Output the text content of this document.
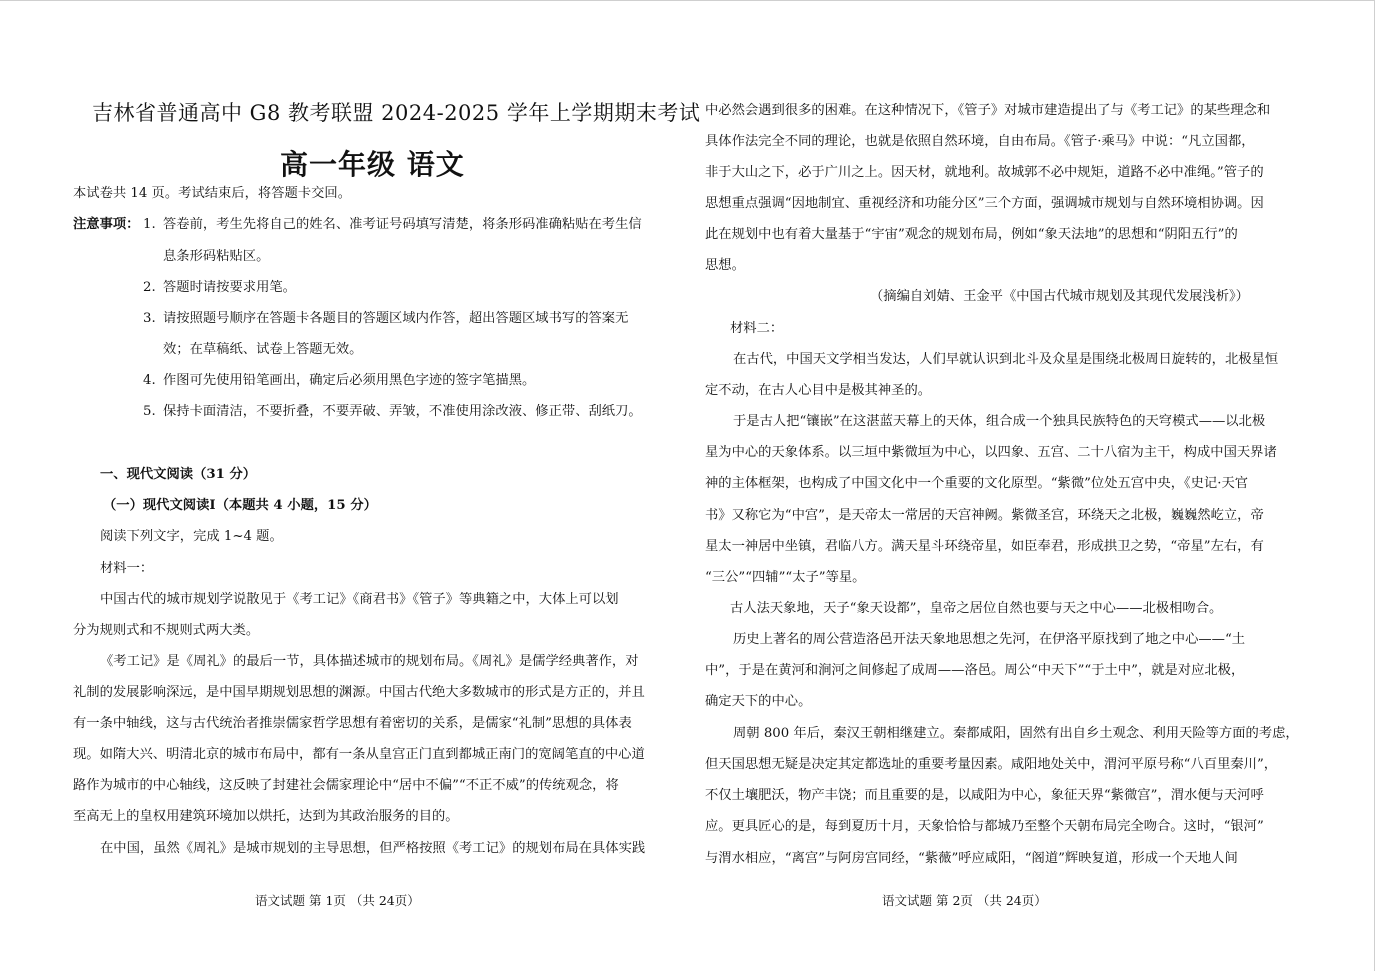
吉林省普通高中 G8 教考联盟 2024-2025 学年上学期期末考试
高一年级 语文
本试卷共 14 页。考试结束后，将答题卡交回。
注意事项： 1. 答卷前，考生先将自己的姓名、准考证号码填写清楚，将条形码准确粘贴在考生信
息条形码粘贴区。
2. 答题时请按要求用笔。
3. 请按照题号顺序在答题卡各题目的答题区域内作答，超出答题区域书写的答案无
效；在草稿纸、试卷上答题无效。
4. 作图可先使用铅笔画出，确定后必须用黑色字迹的签字笔描黑。
5. 保持卡面清洁，不要折叠，不要弄破、弄皱，不准使用涂改液、修正带、刮纸刀。
一、现代文阅读（31 分）
（一）现代文阅读Ⅰ（本题共 4 小题，15 分）
阅读下列文字，完成 1~4 题。
材料一：
中国古代的城市规划学说散见于《考工记》《商君书》《管子》等典籍之中，大体上可以划
分为规则式和不规则式两大类。
《考工记》是《周礼》的最后一节，具体描述城市的规划布局。《周礼》是儒学经典著作，对
礼制的发展影响深远，是中国早期规划思想的渊源。中国古代绝大多数城市的形式是方正的，并且
有一条中轴线，这与古代统治者推崇儒家哲学思想有着密切的关系，是儒家“礼制”思想的具体表
现。如隋大兴、明清北京的城市布局中，都有一条从皇宫正门直到都城正南门的宽阔笔直的中心道
路作为城市的中心轴线，这反映了封建社会儒家理论中“居中不偏”“不正不威”的传统观念，将
至高无上的皇权用建筑环境加以烘托，达到为其政治服务的目的。
在中国，虽然《周礼》是城市规划的主导思想，但严格按照《考工记》的规划布局在具体实践
语文试题 第 1页 （共 24页）
中必然会遇到很多的困难。在这种情况下，《管子》对城市建造提出了与《考工记》的某些理念和
具体作法完全不同的理论，也就是依照自然环境，自由布局。《管子·乘马》中说：“凡立国都，
非于大山之下，必于广川之上。因天材，就地利。故城郭不必中规矩，道路不必中准绳。”管子的
思想重点强调“因地制宜、重视经济和功能分区”三个方面，强调城市规划与自然环境相协调。因
此在规划中也有着大量基于“宇宙”观念的规划布局，例如“象天法地”的思想和“阴阳五行”的
思想。
（摘编自刘婧、王金平《中国古代城市规划及其现代发展浅析》）
材料二：
在古代，中国天文学相当发达，人们早就认识到北斗及众星是围绕北极周日旋转的，北极星恒
定不动，在古人心目中是极其神圣的。
于是古人把“镶嵌”在这湛蓝天幕上的天体，组合成一个独具民族特色的天穹模式——以北极
星为中心的天象体系。以三垣中紫微垣为中心，以四象、五宫、二十八宿为主干，构成中国天界诸
神的主体框架，也构成了中国文化中一个重要的文化原型。“紫微”位处五宫中央，《史记·天官
书》又称它为“中宫”，是天帝太一常居的天宫神阙。紫微圣宫，环绕天之北极，巍巍然屹立，帝
星太一神居中坐镇，君临八方。满天星斗环绕帝星，如臣奉君，形成拱卫之势，“帝星”左右，有
“三公”“四辅”“太子”等星。
古人法天象地，天子“象天设都”，皇帝之居位自然也要与天之中心——北极相吻合。
历史上著名的周公营造洛邑开法天象地思想之先河，在伊洛平原找到了地之中心——“土
中”，于是在黄河和涧河之间修起了成周——洛邑。周公“中天下”“于土中”，就是对应北极，
确定天下的中心。
周朝 800 年后，秦汉王朝相继建立。秦都咸阳，固然有出自乡土观念、利用天险等方面的考虑，
但天国思想无疑是决定其定都选址的重要考量因素。咸阳地处关中，渭河平原号称“八百里秦川”，
不仅土壤肥沃，物产丰饶；而且重要的是，以咸阳为中心，象征天界“紫微宫”，渭水便与天河呼
应。更具匠心的是，每到夏历十月，天象恰恰与都城乃至整个天朝布局完全吻合。这时，“银河”
与渭水相应，“离宫”与阿房宫同经，“紫薇”呼应咸阳，“阁道”辉映复道，形成一个天地人间
语文试题 第 2页 （共 24页）
